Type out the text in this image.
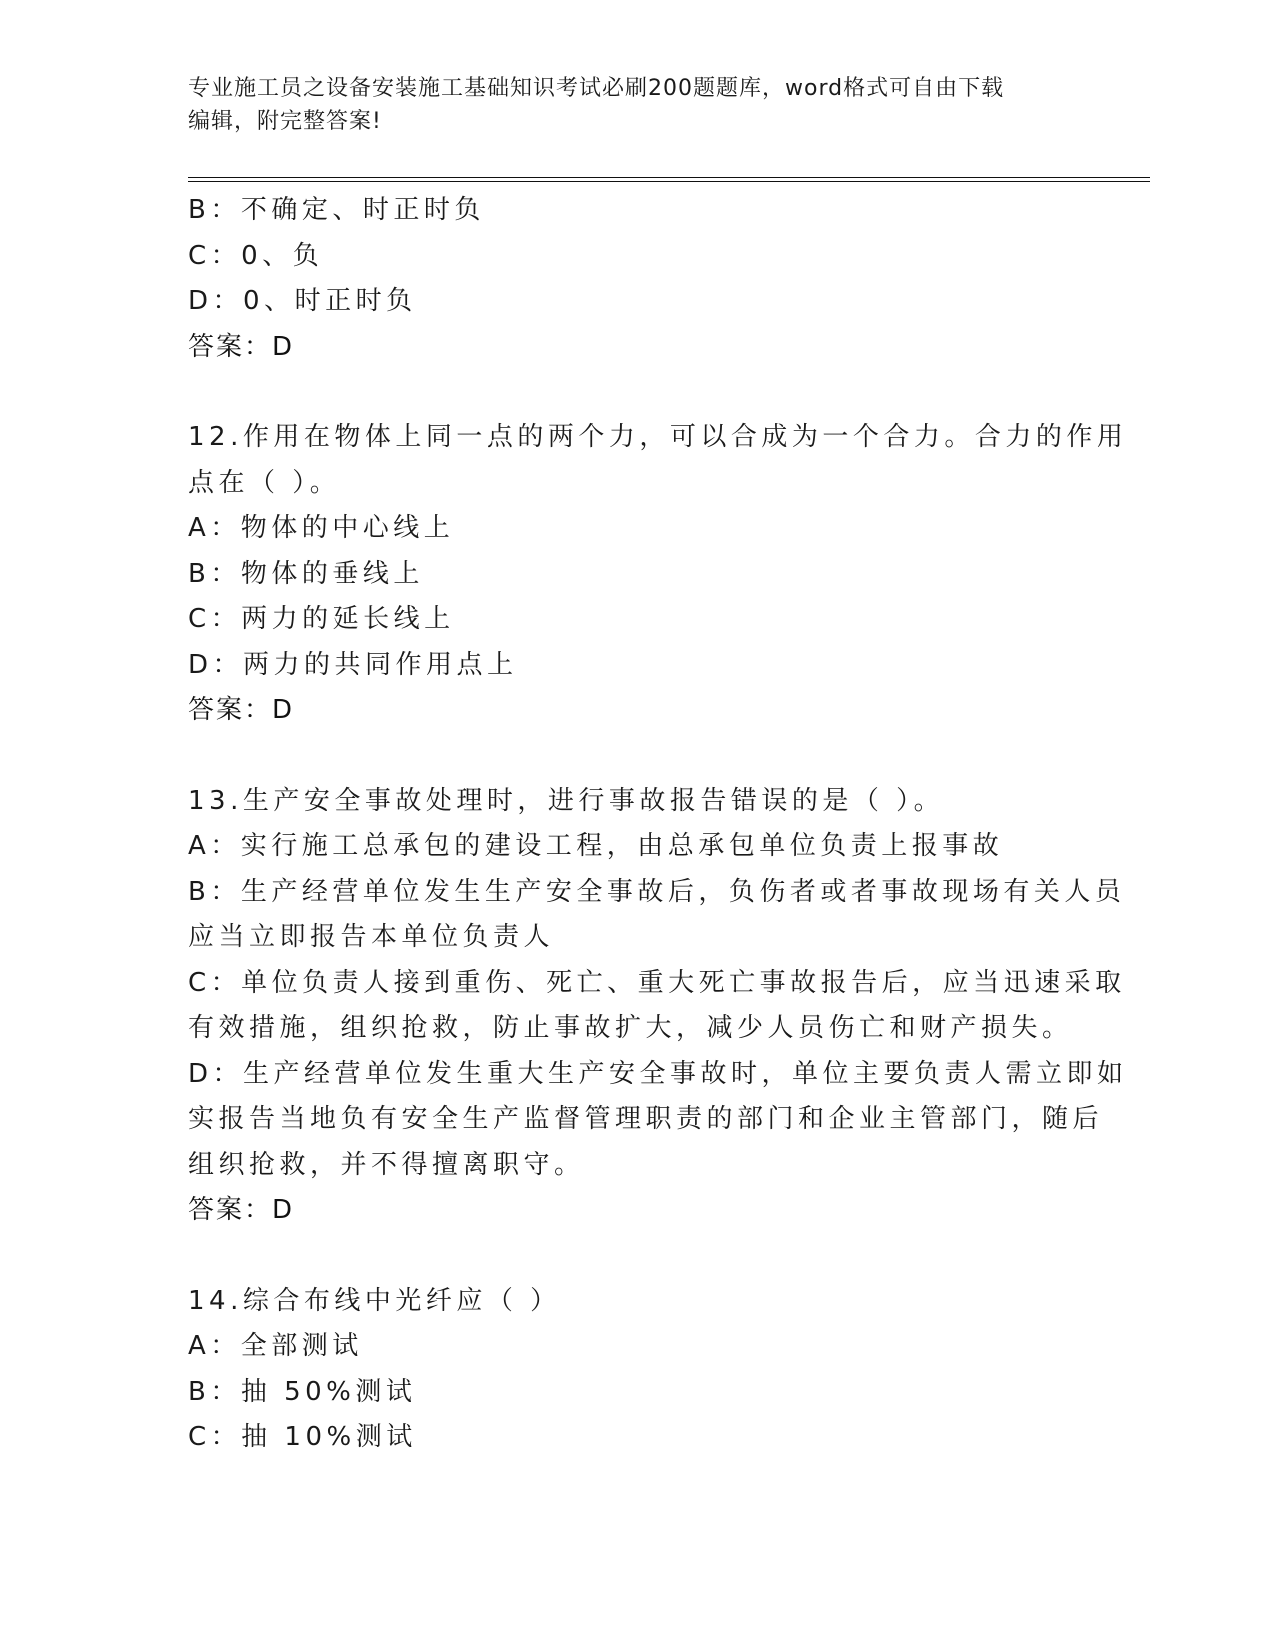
专业施工员之设备安装施工基础知识考试必刷200题题库，word格式可自由下载
编辑，附完整答案!
B：不确定、时正时负
C：0、负
D：0、时正时负
答案：D
12.作用在物体上同一点的两个力，可以合成为一个合力。合力的作用
点在（ ）。
A：物体的中心线上
B：物体的垂线上
C：两力的延长线上
D：两力的共同作用点上
答案：D
13.生产安全事故处理时，进行事故报告错误的是（ ）。
A：实行施工总承包的建设工程，由总承包单位负责上报事故
B：生产经营单位发生生产安全事故后，负伤者或者事故现场有关人员
应当立即报告本单位负责人
C：单位负责人接到重伤、死亡、重大死亡事故报告后，应当迅速采取
有效措施，组织抢救，防止事故扩大，减少人员伤亡和财产损失。
D：生产经营单位发生重大生产安全事故时，单位主要负责人需立即如
实报告当地负有安全生产监督管理职责的部门和企业主管部门，随后
组织抢救，并不得擅离职守。
答案：D
14.综合布线中光纤应（ ）
A：全部测试
B：抽 50%测试
C：抽 10%测试
